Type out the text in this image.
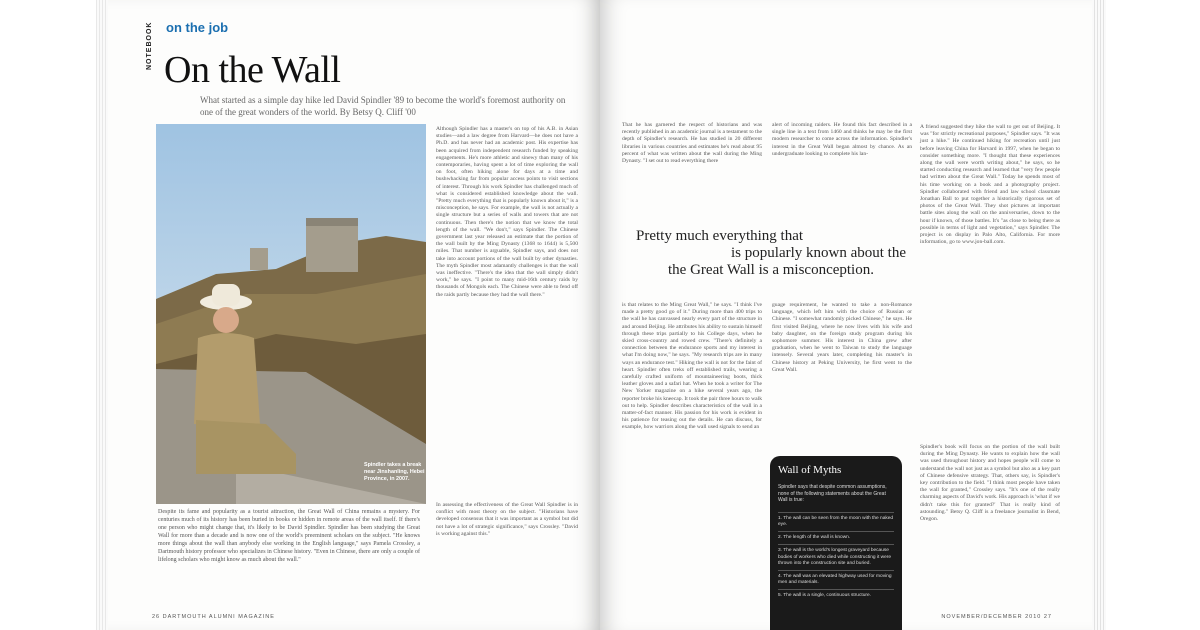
NOTEBOOK on the job
On the Wall
What started as a simple day hike led David Spindler '89 to become the world's foremost authority on one of the great wonders of the world. By Betsy Q. Cliff '00
Spindler takes a break near Jinshanling, Hebei Province, in 2007.
Although Spindler has a master's on top of his A.B. in Asian studies—and a law degree from Harvard—he does not have a Ph.D. and has never had an academic post. His expertise has been acquired from independent research funded by speaking engagements. He's more athletic and sinewy than many of his contemporaries, having spent a lot of time exploring the wall on foot, often hiking alone for days at a time and bushwhacking far from popular access points to visit sections of interest. Through his work Spindler has challenged much of what is considered established knowledge about the wall. "Pretty much everything that is popularly known about it," is a misconception, he says. For example, the wall is not actually a single structure but a series of walls and towers that are not continuous. Then there's the notion that we know the total length of the wall. "We don't," says Spindler. The Chinese government last year released an estimate that the portion of the wall built by the Ming Dynasty (1368 to 1644) is 5,500 miles. That number is arguable, Spindler says, and does not take into account portions of the wall built by other dynasties. The myth Spindler most adamantly challenges is that the wall was ineffective. "There's the idea that the wall simply didn't work," he says. "I point to many mid-16th century raids by thousands of Mongols each. The Chinese were able to fend off the raids partly because they had the wall there."
Despite its fame and popularity as a tourist attraction, the Great Wall of China remains a mystery. For centuries much of its history has been buried in books or hidden in remote areas of the wall itself. If there's one person who might change that, it's likely to be David Spindler. Spindler has been studying the Great Wall for more than a decade and is now one of the world's preeminent scholars on the subject. "He knows more things about the wall than anybody else working in the English language," says Pamela Crossley, a Dartmouth history professor who specializes in Chinese history. "Even in Chinese, there are only a couple of lifelong scholars who might know as much about the wall."
In assessing the effectiveness of the Great Wall Spindler is in conflict with most theory on the subject. "Historians have developed consensus that it was important as a symbol but did not have a lot of strategic significance," says Crossley. "David is working against this."
26 DARTMOUTH ALUMNI MAGAZINE
That he has garnered the respect of historians and was recently published in an academic journal is a testament to the depth of Spindler's research. He has studied in 20 different libraries in various countries and estimates he's read about 95 percent of what was written about the wall during the Ming Dynasty. "I set out to read everything there
alert of incoming raiders. He found this fact described in a single line in a text from 1460 and thinks he may be the first modern researcher to come across the information. Spindler's interest in the Great Wall began almost by chance. As an undergraduate looking to complete his lan-
A friend suggested they hike the wall to get out of Beijing. It was "for strictly recreational purposes," Spindler says. "It was just a hike." He continued hiking for recreation until just before leaving China for Harvard in 1997, when he began to consider something more. "I thought that these experiences along the wall were worth writing about," he says, so he started conducting research and learned that "very few people had written about the Great Wall." Today he spends most of his time working on a book and a photography project. Spindler collaborated with friend and law school classmate Jonathan Ball to put together a historically rigorous set of photos of the Great Wall. They shot pictures at important battle sites along the wall on the anniversaries, down to the hour if known, of those battles. It's "as close to being there as possible in terms of light and vegetation," says Spindler. The project is on display in Palo Alto, California. For more information, go to www.jon-ball.com.
Pretty much everything that
is popularly known about the
the Great Wall is a misconception.
is that relates to the Ming Great Wall," he says. "I think I've made a pretty good go of it." During more than 400 trips to the wall he has canvassed nearly every part of the structure in and around Beijing. He attributes his ability to sustain himself through these trips partially to his College days, when he skied cross-country and rowed crew. "There's definitely a connection between the endurance sports and my interest in what I'm doing now," he says. "My research trips are in many ways an endurance test." Hiking the wall is not for the faint of heart. Spindler often treks off established trails, wearing a carefully crafted uniform of mountaineering boots, thick leather gloves and a safari hat. When he took a writer for The New Yorker magazine on a hike several years ago, the reporter broke his kneecap. It took the pair three hours to walk out to help. Spindler describes characteristics of the wall in a matter-of-fact manner. His passion for his work is evident in his patience for teasing out the details. He can discuss, for example, how warriors along the wall used signals to send an
guage requirement, he wanted to take a non-Romance language, which left him with the choice of Russian or Chinese. "I somewhat randomly picked Chinese," he says. He first visited Beijing, where he now lives with his wife and baby daughter, on the foreign study program during his sophomore summer. His interest in China grew after graduation, when he went to Taiwan to study the language intensely. Several years later, completing his master's in Chinese history at Peking University, he first went to the Great Wall.
Wall of Myths
Spindler says that despite common assumptions, none of the following statements about the Great Wall is true:
1. The wall can be seen from the moon with the naked eye.
2. The length of the wall is known.
3. The wall is the world's longest graveyard because bodies of workers who died while constructing it were thrown into the construction site and buried.
4. The wall was an elevated highway used for moving men and materials.
5. The wall is a single, continuous structure.
Spindler's book will focus on the portion of the wall built during the Ming Dynasty. He wants to explain how the wall was used throughout history and hopes people will come to understand the wall not just as a symbol but also as a key part of Chinese defensive strategy. That, others say, is Spindler's key contribution to the field. "I think most people have taken the wall for granted," Crossley says. "It's one of the really charming aspects of David's work. His approach is 'what if we didn't take this for granted?' That is really kind of astounding." Betsy Q. Cliff is a freelance journalist in Bend, Oregon.
NOVEMBER/DECEMBER 2010 27
